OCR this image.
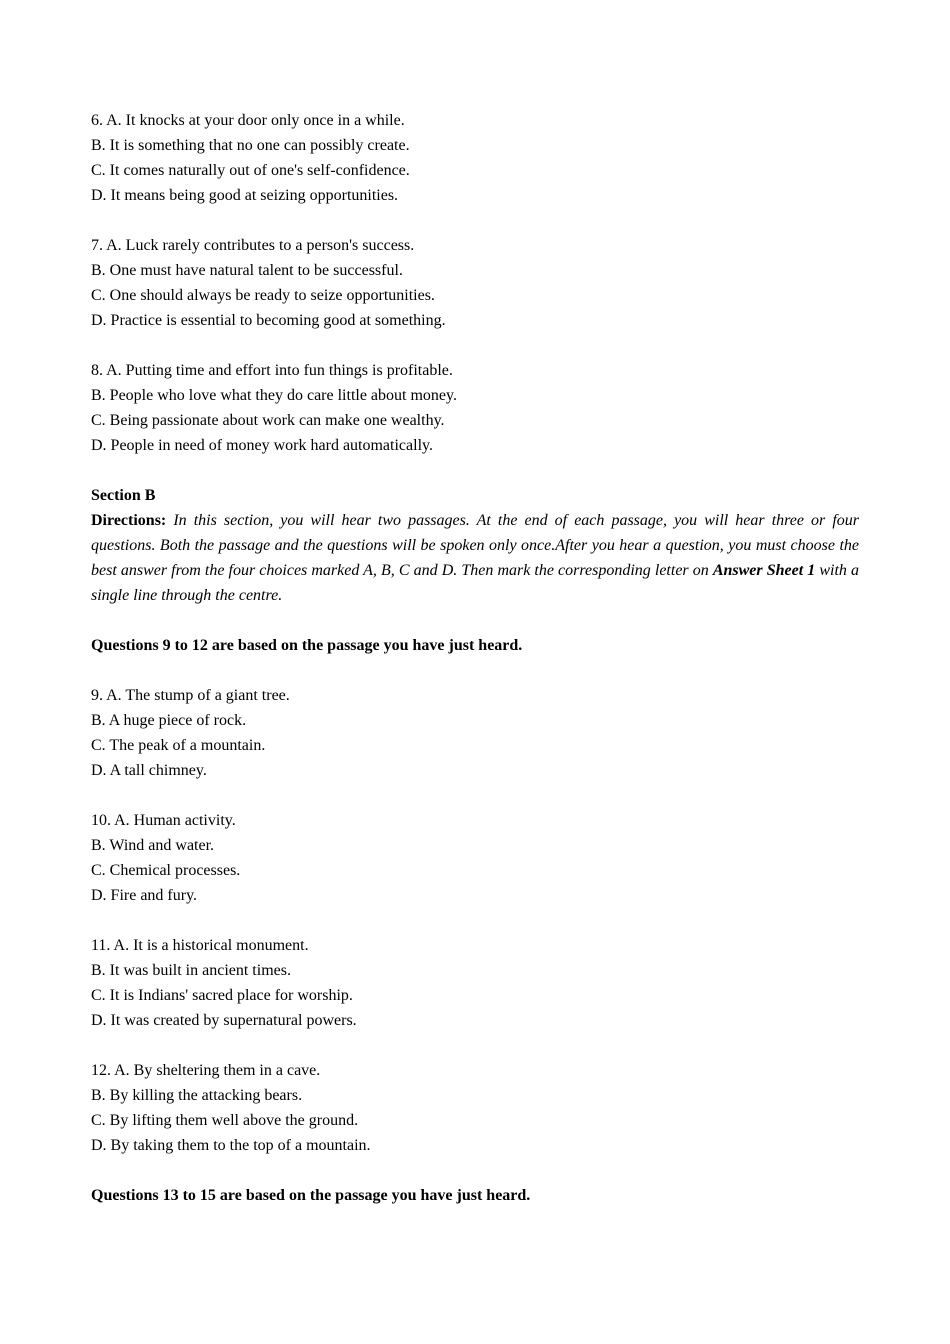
6. A. It knocks at your door only once in a while.
B. It is something that no one can possibly create.
C. It comes naturally out of one's self-confidence.
D. It means being good at seizing opportunities.
7. A. Luck rarely contributes to a person's success.
B. One must have natural talent to be successful.
C. One should always be ready to seize opportunities.
D. Practice is essential to becoming good at something.
8. A. Putting time and effort into fun things is profitable.
B. People who love what they do care little about money.
C. Being passionate about work can make one wealthy.
D. People in need of money work hard automatically.
Section B
Directions: In this section, you will hear two passages. At the end of each passage, you will hear three or four questions. Both the passage and the questions will be spoken only once.After you hear a question, you must choose the best answer from the four choices marked A, B, C and D. Then mark the corresponding letter on Answer Sheet 1 with a single line through the centre.
Questions 9 to 12 are based on the passage you have just heard.
9. A. The stump of a giant tree.
B. A huge piece of rock.
C. The peak of a mountain.
D. A tall chimney.
10. A. Human activity.
B. Wind and water.
C. Chemical processes.
D. Fire and fury.
11. A. It is a historical monument.
B. It was built in ancient times.
C. It is Indians' sacred place for worship.
D. It was created by supernatural powers.
12. A. By sheltering them in a cave.
B. By killing the attacking bears.
C. By lifting them well above the ground.
D. By taking them to the top of a mountain.
Questions 13 to 15 are based on the passage you have just heard.
